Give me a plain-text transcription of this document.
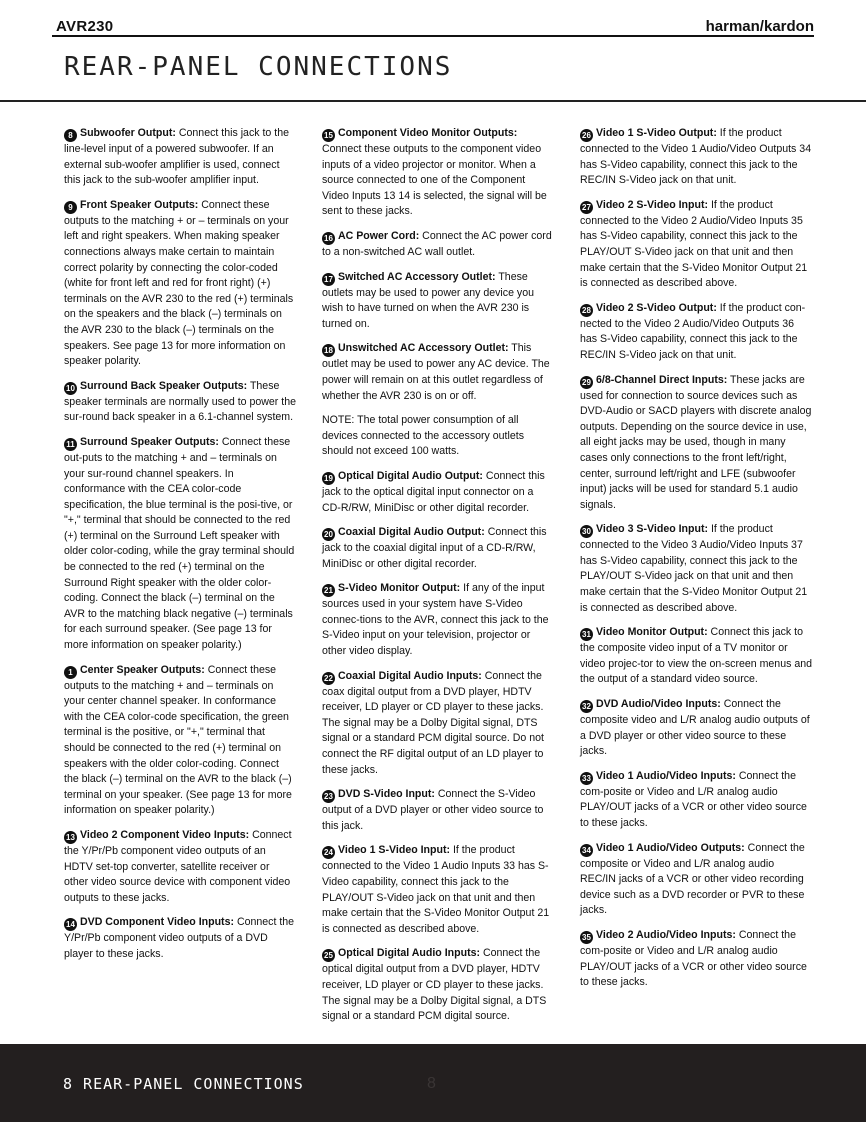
AVR230	harman/kardon
REAR-PANEL CONNECTIONS

8 Subwoofer Output: Connect this jack to the line-level input of a powered subwoofer. If an external sub-woofer amplifier is used, connect this jack to the sub-woofer amplifier input.

9 Front Speaker Outputs: Connect these outputs to the matching + or – terminals on your left and right speakers. When making speaker connections always make certain to maintain correct polarity by connecting the color-coded (white for front left and red for front right) (+) terminals on the AVR 230 to the red (+) terminals on the speakers and the black (–) terminals on the AVR 230 to the black (–) terminals on the speakers. See page 13 for more information on speaker polarity.

10 Surround Back Speaker Outputs: These speaker terminals are normally used to power the sur-round back speaker in a 6.1-channel system.

11 Surround Speaker Outputs: Connect these out-puts to the matching + and – terminals on your sur-round channel speakers. In conformance with the CEA color-code specification, the blue terminal is the posi-tive, or "+," terminal that should be connected to the red (+) terminal on the Surround Left speaker with older color-coding, while the gray terminal should be connected to the red (+) terminal on the Surround Right speaker with the older color-coding. Connect the black (–) terminal on the AVR to the matching black negative (–) terminals for each surround speaker. (See page 13 for more information on speaker polarity.)

1 Center Speaker Outputs: Connect these outputs to the matching + and – terminals on your center channel speaker. In conformance with the CEA color-code specification, the green terminal is the positive, or "+," terminal that should be connected to the red (+) terminal on speakers with the older color-coding. Connect the black (–) terminal on the AVR to the black (–) terminal on your speaker. (See page 13 for more information on speaker polarity.)

13 Video 2 Component Video Inputs: Connect the Y/Pr/Pb component video outputs of an HDTV set-top converter, satellite receiver or other video source device with component video outputs to these jacks.

14 DVD Component Video Inputs: Connect the Y/Pr/Pb component video outputs of a DVD player to these jacks.

15 Component Video Monitor Outputs: Connect these outputs to the component video inputs of a video projector or monitor. When a source connected to one of the Component Video Inputs 13 14 is selected, the signal will be sent to these jacks.

16 AC Power Cord: Connect the AC power cord to a non-switched AC wall outlet.

17 Switched AC Accessory Outlet: These outlets may be used to power any device you wish to have turned on when the AVR 230 is turned on.

18 Unswitched AC Accessory Outlet: This outlet may be used to power any AC device. The power will remain on at this outlet regardless of whether the AVR 230 is on or off.

NOTE: The total power consumption of all devices connected to the accessory outlets should not exceed 100 watts.

19 Optical Digital Audio Output: Connect this jack to the optical digital input connector on a CD-R/RW, MiniDisc or other digital recorder.

20 Coaxial Digital Audio Output: Connect this jack to the coaxial digital input of a CD-R/RW, MiniDisc or other digital recorder.

21 S-Video Monitor Output: If any of the input sources used in your system have S-Video connec-tions to the AVR, connect this jack to the S-Video input on your television, projector or other video display.

22 Coaxial Digital Audio Inputs: Connect the coax digital output from a DVD player, HDTV receiver, LD player or CD player to these jacks. The signal may be a Dolby Digital signal, DTS signal or a standard PCM digital source. Do not connect the RF digital output of an LD player to these jacks.

23 DVD S-Video Input: Connect the S-Video output of a DVD player or other video source to this jack.

24 Video 1 S-Video Input: If the product connected to the Video 1 Audio Inputs 33 has S-Video capability, connect this jack to the PLAY/OUT S-Video jack on that unit and then make certain that the S-Video Monitor Output 21 is connected as described above.

25 Optical Digital Audio Inputs: Connect the optical digital output from a DVD player, HDTV receiver, LD player or CD player to these jacks. The signal may be a Dolby Digital signal, a DTS signal or a standard PCM digital source.

26 Video 1 S-Video Output: If the product connected to the Video 1 Audio/Video Outputs 34 has S-Video capability, connect this jack to the REC/IN S-Video jack on that unit.

27 Video 2 S-Video Input: If the product connected to the Video 2 Audio/Video Inputs 35 has S-Video capability, connect this jack to the PLAY/OUT S-Video jack on that unit and then make certain that the S-Video Monitor Output 21 is connected as described above.

28 Video 2 S-Video Output: If the product con-nected to the Video 2 Audio/Video Outputs 36 has S-Video capability, connect this jack to the REC/IN S-Video jack on that unit.

29 6/8-Channel Direct Inputs: These jacks are used for connection to source devices such as DVD-Audio or SACD players with discrete analog outputs. Depending on the source device in use, all eight jacks may be used, though in many cases only connections to the front left/right, center, surround left/right and LFE (subwoofer input) jacks will be used for standard 5.1 audio signals.

30 Video 3 S-Video Input: If the product connected to the Video 3 Audio/Video Inputs 37 has S-Video capability, connect this jack to the PLAY/OUT S-Video jack on that unit and then make certain that the S-Video Monitor Output 21 is connected as described above.

31 Video Monitor Output: Connect this jack to the composite video input of a TV monitor or video projec-tor to view the on-screen menus and the output of a standard video source.

32 DVD Audio/Video Inputs: Connect the composite video and L/R analog audio outputs of a DVD player or other video source to these jacks.

33 Video 1 Audio/Video Inputs: Connect the com-posite or Video and L/R analog audio PLAY/OUT jacks of a VCR or other video source to these jacks.

34 Video 1 Audio/Video Outputs: Connect the composite or Video and L/R analog audio REC/IN jacks of a VCR or other video recording device such as a DVD recorder or PVR to these jacks.

35 Video 2 Audio/Video Inputs: Connect the com-posite or Video and L/R analog audio PLAY/OUT jacks of a VCR or other video source to these jacks.

8 REAR-PANEL CONNECTIONS	8
